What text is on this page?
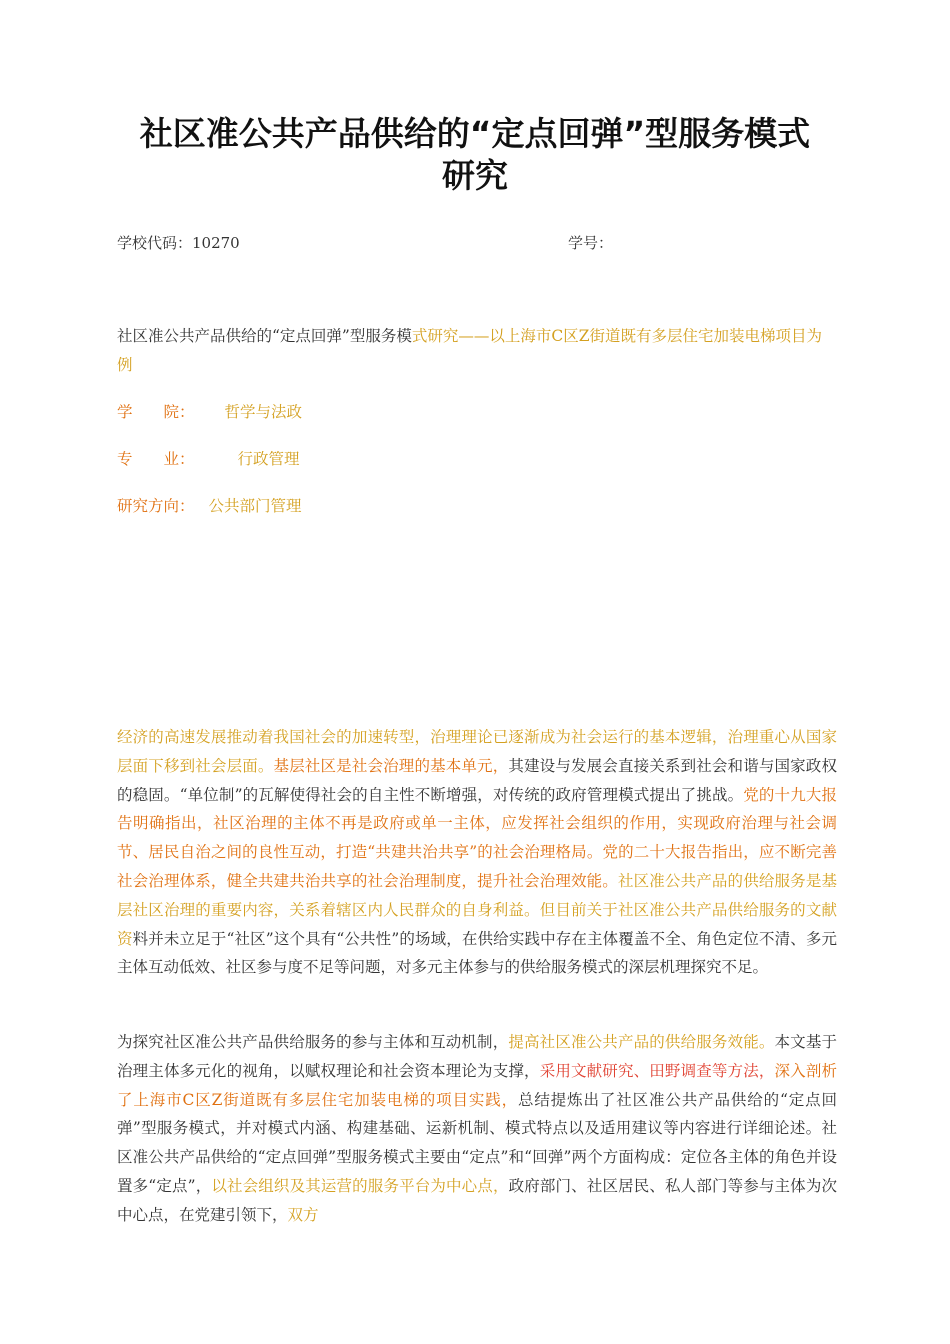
社区准公共产品供给的“定点回弹”型服务模式
研究
学校代码：10270	学号：
社区准公共产品供给的“定点回弹”型服务模式研究——以上海市C区Z街道既有多层住宅加装电梯项目为例
学　　院： 哲学与法政
专　　业：	行政管理
研究方向： 公共部门管理

经济的高速发展推动着我国社会的加速转型，治理理论已逐渐成为社会运行的基本逻辑，治理重心从国家层面下移到社会层面。基层社区是社会治理的基本单元，其建设与发展会直接关系到社会和谐与国家政权的稳固。“单位制”的瓦解使得社会的自主性不断增强，对传统的政府管理模式提出了挑战。党的十九大报告明确指出，社区治理的主体不再是政府或单一主体，应发挥社会组织的作用，实现政府治理与社会调节、居民自治之间的良性互动，打造“共建共治共享”的社会治理格局。党的二十大报告指出，应不断完善社会治理体系，健全共建共治共享的社会治理制度，提升社会治理效能。社区准公共产品的供给服务是基层社区治理的重要内容，关系着辖区内人民群众的自身利益。但目前关于社区准公共产品供给服务的文献资料并未立足于“社区”这个具有“公共性”的场域，在供给实践中存在主体覆盖不全、角色定位不清、多元主体互动低效、社区参与度不足等问题，对多元主体参与的供给服务模式的深层机理探究不足。

为探究社区准公共产品供给服务的参与主体和互动机制，提高社区准公共产品的供给服务效能。本文基于治理主体多元化的视角，以赋权理论和社会资本理论为支撑，采用文献研究、田野调查等方法，深入剖析了上海市C区Z街道既有多层住宅加装电梯的项目实践，总结提炼出了社区准公共产品供给的“定点回弹”型服务模式，并对模式内涵、构建基础、运新机制、模式特点以及适用建议等内容进行详细论述。社区准公共产品供给的“定点回弹”型服务模式主要由“定点”和“回弹”两个方面构成：定位各主体的角色并设置多“定点”，以社会组织及其运营的服务平台为中心点，政府部门、社区居民、私人部门等参与主体为次中心点，在党建引领下，双方
